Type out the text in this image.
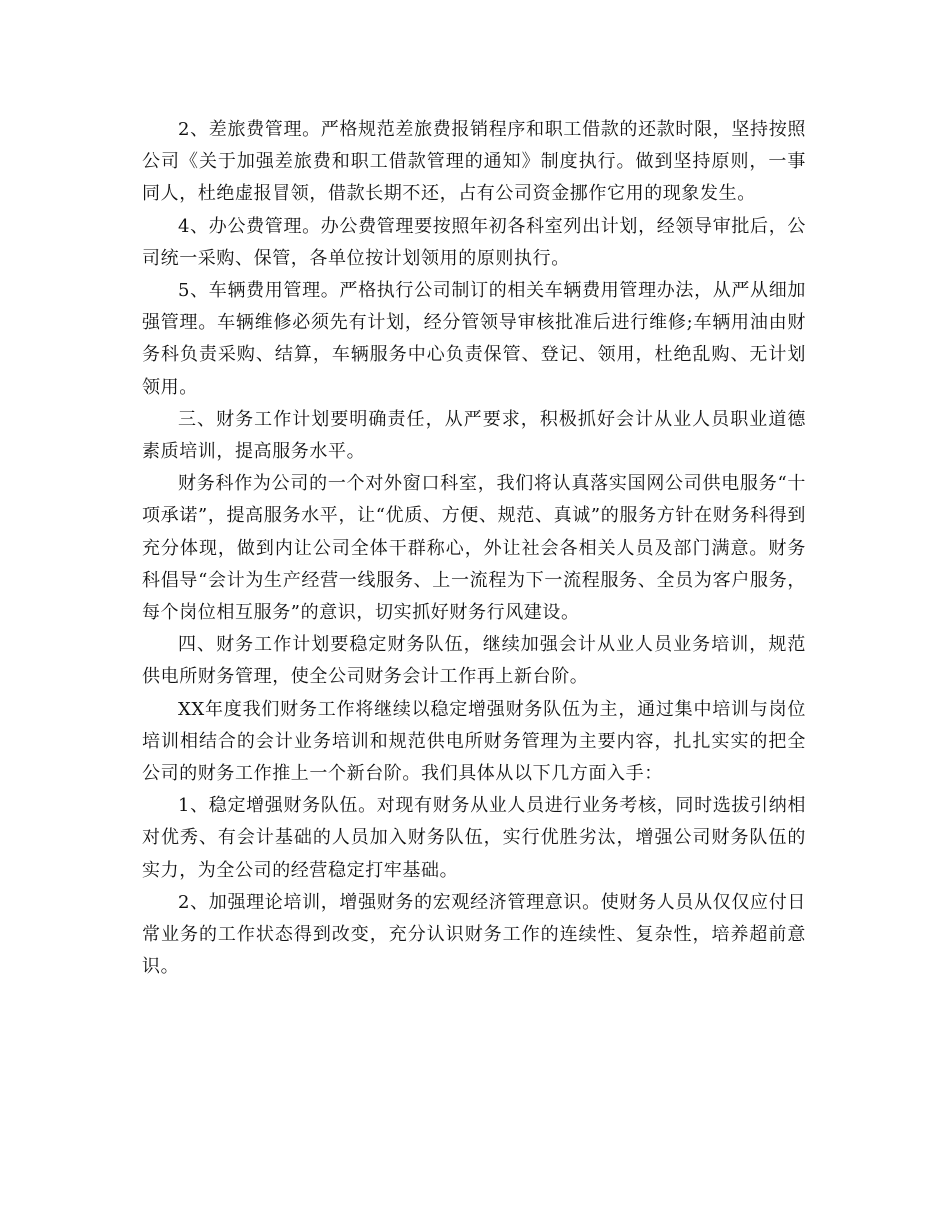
2、差旅费管理。严格规范差旅费报销程序和职工借款的还款时限，坚持按照公司《关于加强差旅费和职工借款管理的通知》制度执行。做到坚持原则，一事同人，杜绝虚报冒领，借款长期不还，占有公司资金挪作它用的现象发生。

4、办公费管理。办公费管理要按照年初各科室列出计划，经领导审批后，公司统一采购、保管，各单位按计划领用的原则执行。

5、车辆费用管理。严格执行公司制订的相关车辆费用管理办法，从严从细加强管理。车辆维修必须先有计划，经分管领导审核批准后进行维修;车辆用油由财务科负责采购、结算，车辆服务中心负责保管、登记、领用，杜绝乱购、无计划领用。

三、财务工作计划要明确责任，从严要求，积极抓好会计从业人员职业道德素质培训，提高服务水平。

财务科作为公司的一个对外窗口科室，我们将认真落实国网公司供电服务“十项承诺”，提高服务水平，让“优质、方便、规范、真诚”的服务方针在财务科得到充分体现，做到内让公司全体干群称心，外让社会各相关人员及部门满意。财务科倡导“会计为生产经营一线服务、上一流程为下一流程服务、全员为客户服务，每个岗位相互服务”的意识，切实抓好财务行风建设。

四、财务工作计划要稳定财务队伍，继续加强会计从业人员业务培训，规范供电所财务管理，使全公司财务会计工作再上新台阶。

XX年度我们财务工作将继续以稳定增强财务队伍为主，通过集中培训与岗位培训相结合的会计业务培训和规范供电所财务管理为主要内容，扎扎实实的把全公司的财务工作推上一个新台阶。我们具体从以下几方面入手：

1、稳定增强财务队伍。对现有财务从业人员进行业务考核，同时选拔引纳相对优秀、有会计基础的人员加入财务队伍，实行优胜劣汰，增强公司财务队伍的实力，为全公司的经营稳定打牢基础。

2、加强理论培训，增强财务的宏观经济管理意识。使财务人员从仅仅应付日常业务的工作状态得到改变，充分认识财务工作的连续性、复杂性，培养超前意识。
